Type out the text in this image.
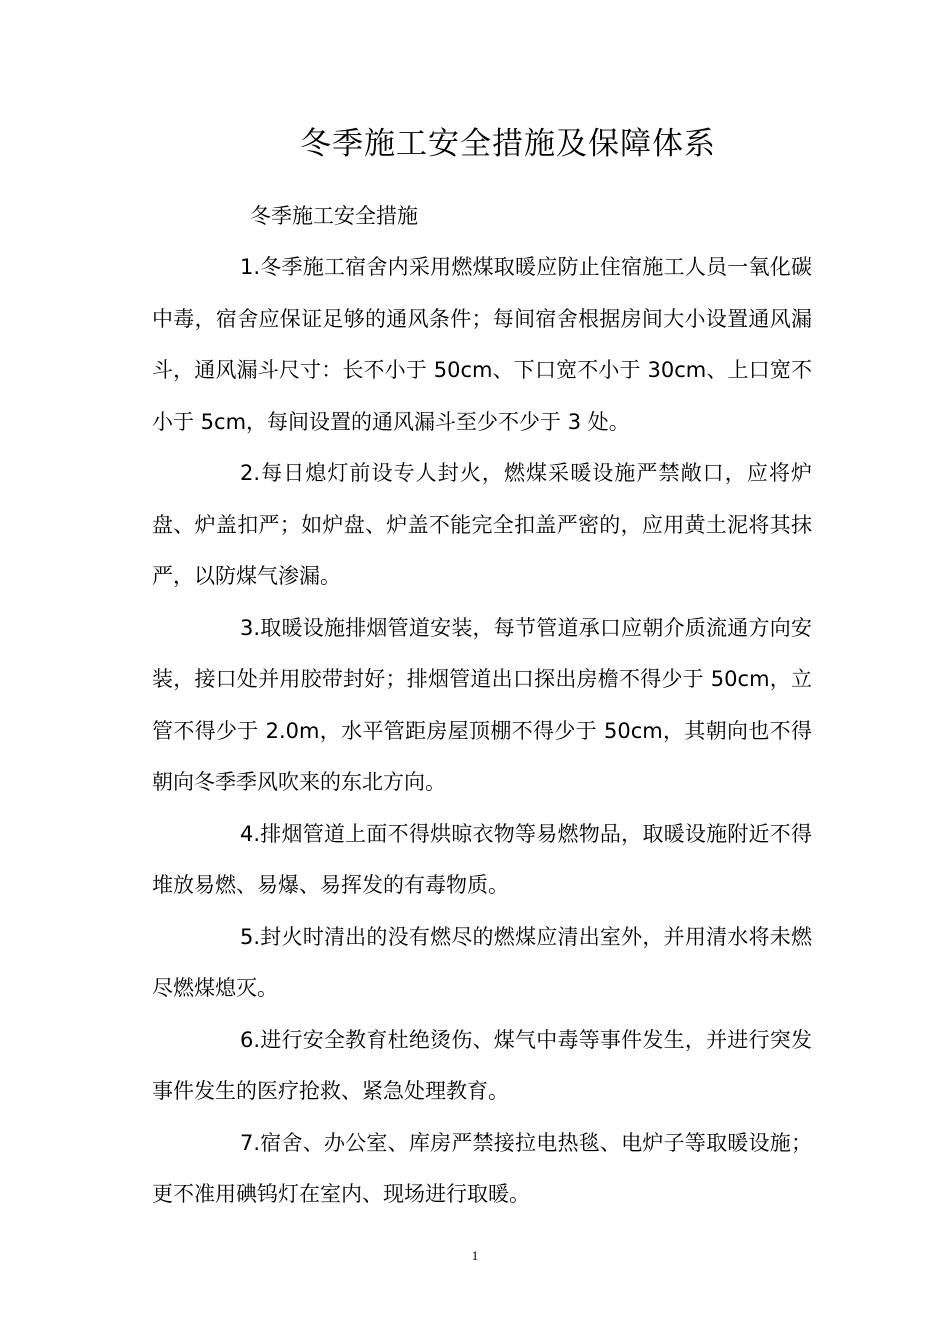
冬季施工安全措施及保障体系
冬季施工安全措施

1.冬季施工宿舍内采用燃煤取暖应防止住宿施工人员一氧化碳中毒，宿舍应保证足够的通风条件；每间宿舍根据房间大小设置通风漏斗，通风漏斗尺寸：长不小于 50cm、下口宽不小于 30cm、上口宽不小于 5cm，每间设置的通风漏斗至少不少于 3 处。

2.每日熄灯前设专人封火，燃煤采暖设施严禁敞口，应将炉盘、炉盖扣严；如炉盘、炉盖不能完全扣盖严密的，应用黄土泥将其抹严，以防煤气渗漏。

3.取暖设施排烟管道安装，每节管道承口应朝介质流通方向安装，接口处并用胶带封好；排烟管道出口探出房檐不得少于 50cm，立管不得少于 2.0m，水平管距房屋顶棚不得少于 50cm，其朝向也不得朝向冬季季风吹来的东北方向。

4.排烟管道上面不得烘晾衣物等易燃物品，取暖设施附近不得堆放易燃、易爆、易挥发的有毒物质。

5.封火时清出的没有燃尽的燃煤应清出室外，并用清水将未燃尽燃煤熄灭。

6.进行安全教育杜绝烫伤、煤气中毒等事件发生，并进行突发事件发生的医疗抢救、紧急处理教育。

7.宿舍、办公室、库房严禁接拉电热毯、电炉子等取暖设施；更不准用碘钨灯在室内、现场进行取暖。

1
